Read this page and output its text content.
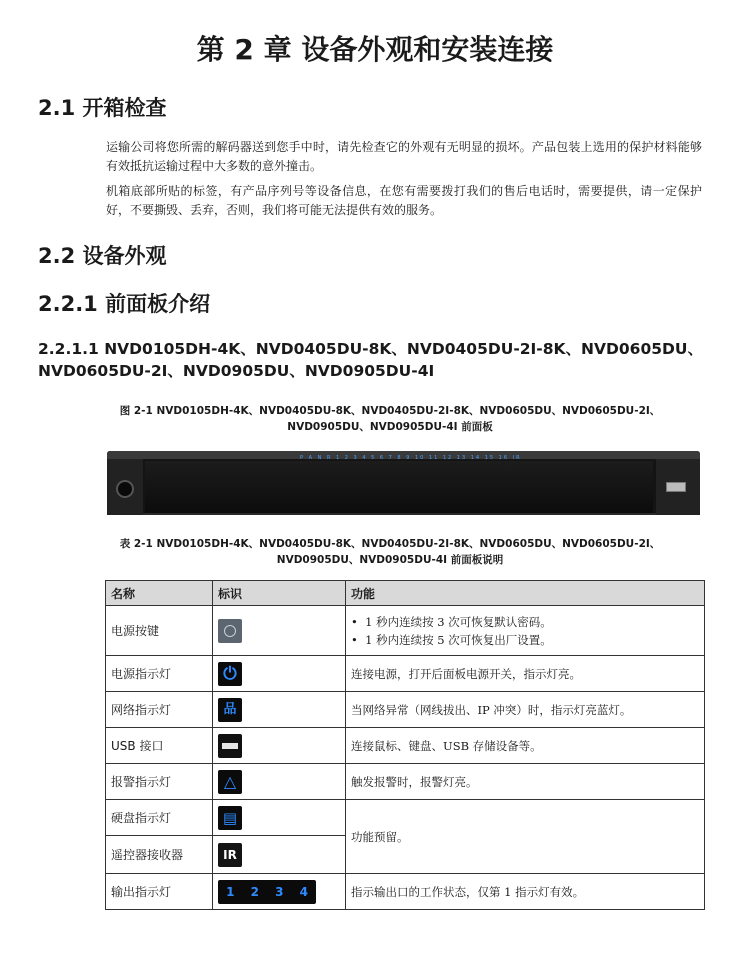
第 2 章 设备外观和安装连接
2.1 开箱检查
运输公司将您所需的解码器送到您手中时，请先检查它的外观有无明显的损坏。产品包装上选用的保护材料能够有效抵抗运输过程中大多数的意外撞击。
机箱底部所贴的标签，有产品序列号等设备信息，在您有需要拨打我们的售后电话时，需要提供，请一定保护好，不要撕毁、丢弃，否则，我们将可能无法提供有效的服务。
2.2 设备外观
2.2.1 前面板介绍
2.2.1.1 NVD0105DH-4K、NVD0405DU-8K、NVD0405DU-2I-8K、NVD0605DU、NVD0605DU-2I、NVD0905DU、NVD0905DU-4I
图 2-1 NVD0105DH-4K、NVD0405DU-8K、NVD0405DU-2I-8K、NVD0605DU、NVD0605DU-2I、NVD0905DU、NVD0905DU-4I 前面板
P A N R 1 2 3 4 5 6 7 8 9 10 11 12 13 14 15 16 IR
表 2-1 NVD0105DH-4K、NVD0405DU-8K、NVD0405DU-2I-8K、NVD0605DU、NVD0605DU-2I、NVD0905DU、NVD0905DU-4I 前面板说明
名称	标识	功能
电源按键		•  1 秒内连续按 3 次可恢复默认密码。
•  1 秒内连续按 5 次可恢复出厂设置。

电源指示灯	⏻	连接电源，打开后面板电源开关，指示灯亮。
网络指示灯	品	当网络异常（网线拔出、IP 冲突）时，指示灯亮蓝灯。
USB 接口		连接鼠标、键盘、USB 存储设备等。
报警指示灯	△	触发报警时，报警灯亮。
硬盘指示灯	▤	功能预留。
遥控器接收器	IR	
输出指示灯	1 2 3 4	指示输出口的工作状态，仅第 1 指示灯有效。
